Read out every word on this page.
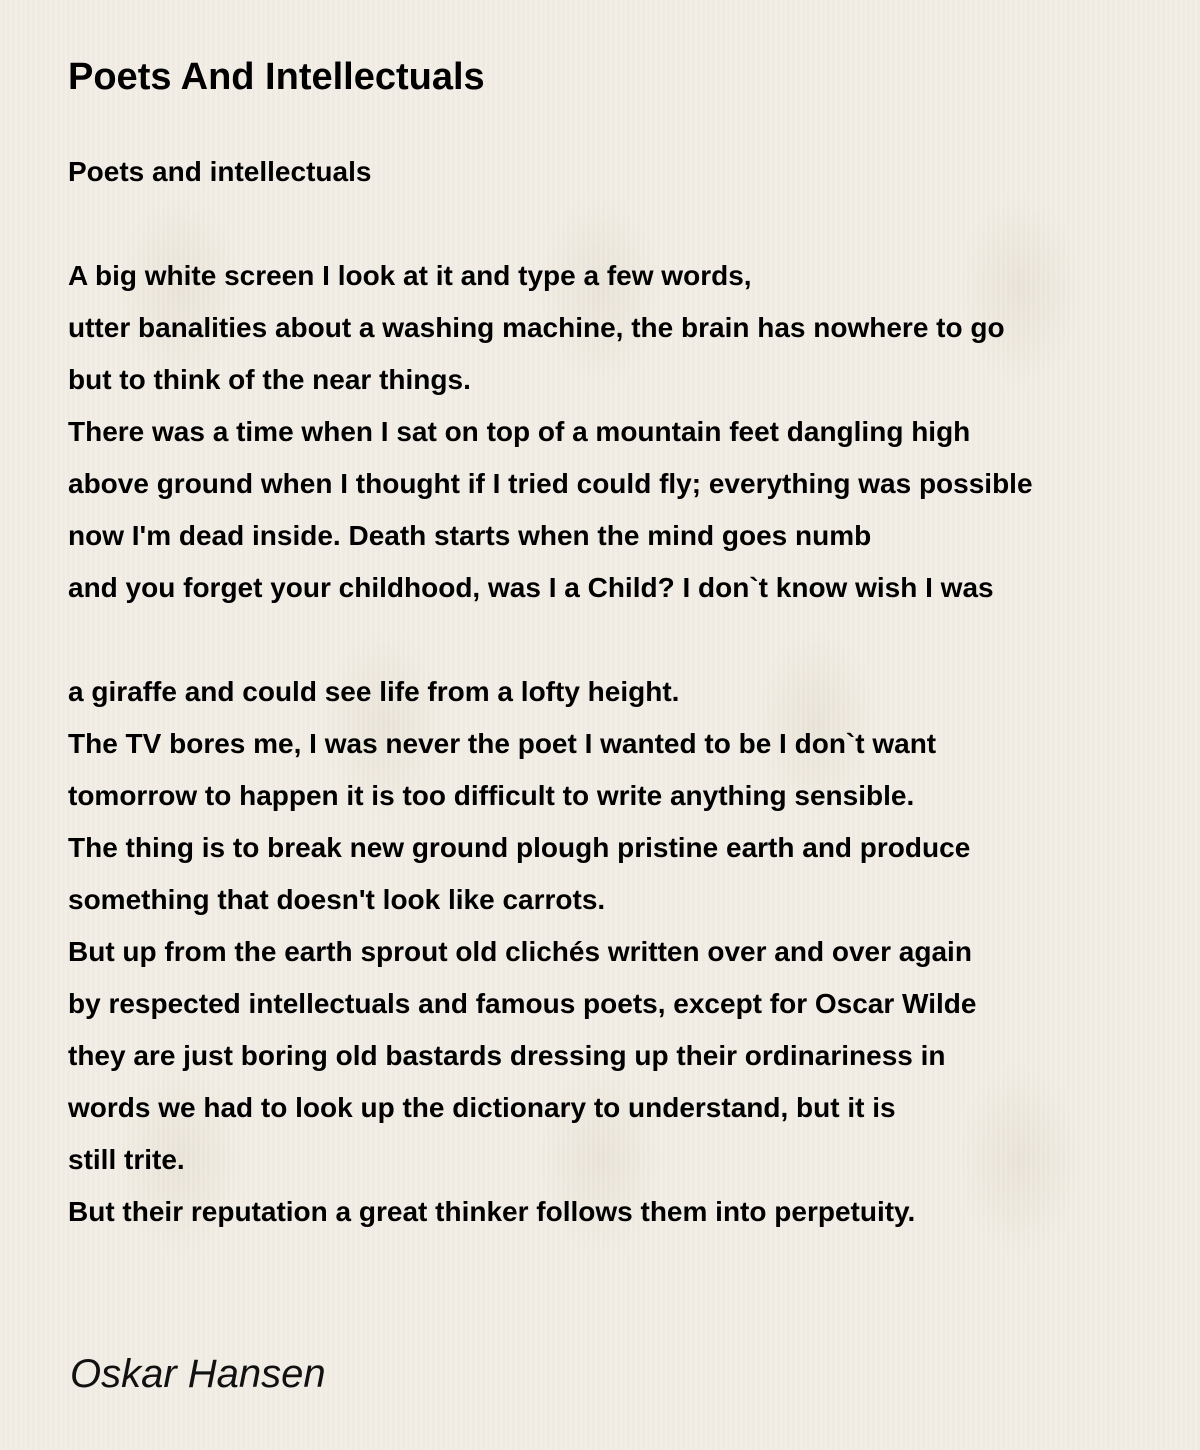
Poets And Intellectuals
Poets and intellectuals
A big white screen I look at it and type a few words,
utter banalities about a washing machine, the brain has nowhere to go
but to think of the near things.
There was a time when I sat on top of a mountain feet dangling high
above ground when I thought if I tried could fly; everything was possible
now I'm dead inside. Death starts when the mind goes numb
and you forget your childhood, was I a Child? I don`t know wish I was
a giraffe and could see life from a lofty height.
The TV bores me, I was never the poet I wanted to be I don`t want
tomorrow to happen it is too difficult to write anything sensible.
The thing is to break new ground plough pristine earth and produce
something that doesn't look like carrots.
But up from the earth sprout old clichés written over and over again
by respected intellectuals and famous poets, except for Oscar Wilde
they are just boring old bastards dressing up their ordinariness in
words we had to look up the dictionary to understand, but it is
still trite.
But their reputation a great thinker follows them into perpetuity.
Oskar Hansen
